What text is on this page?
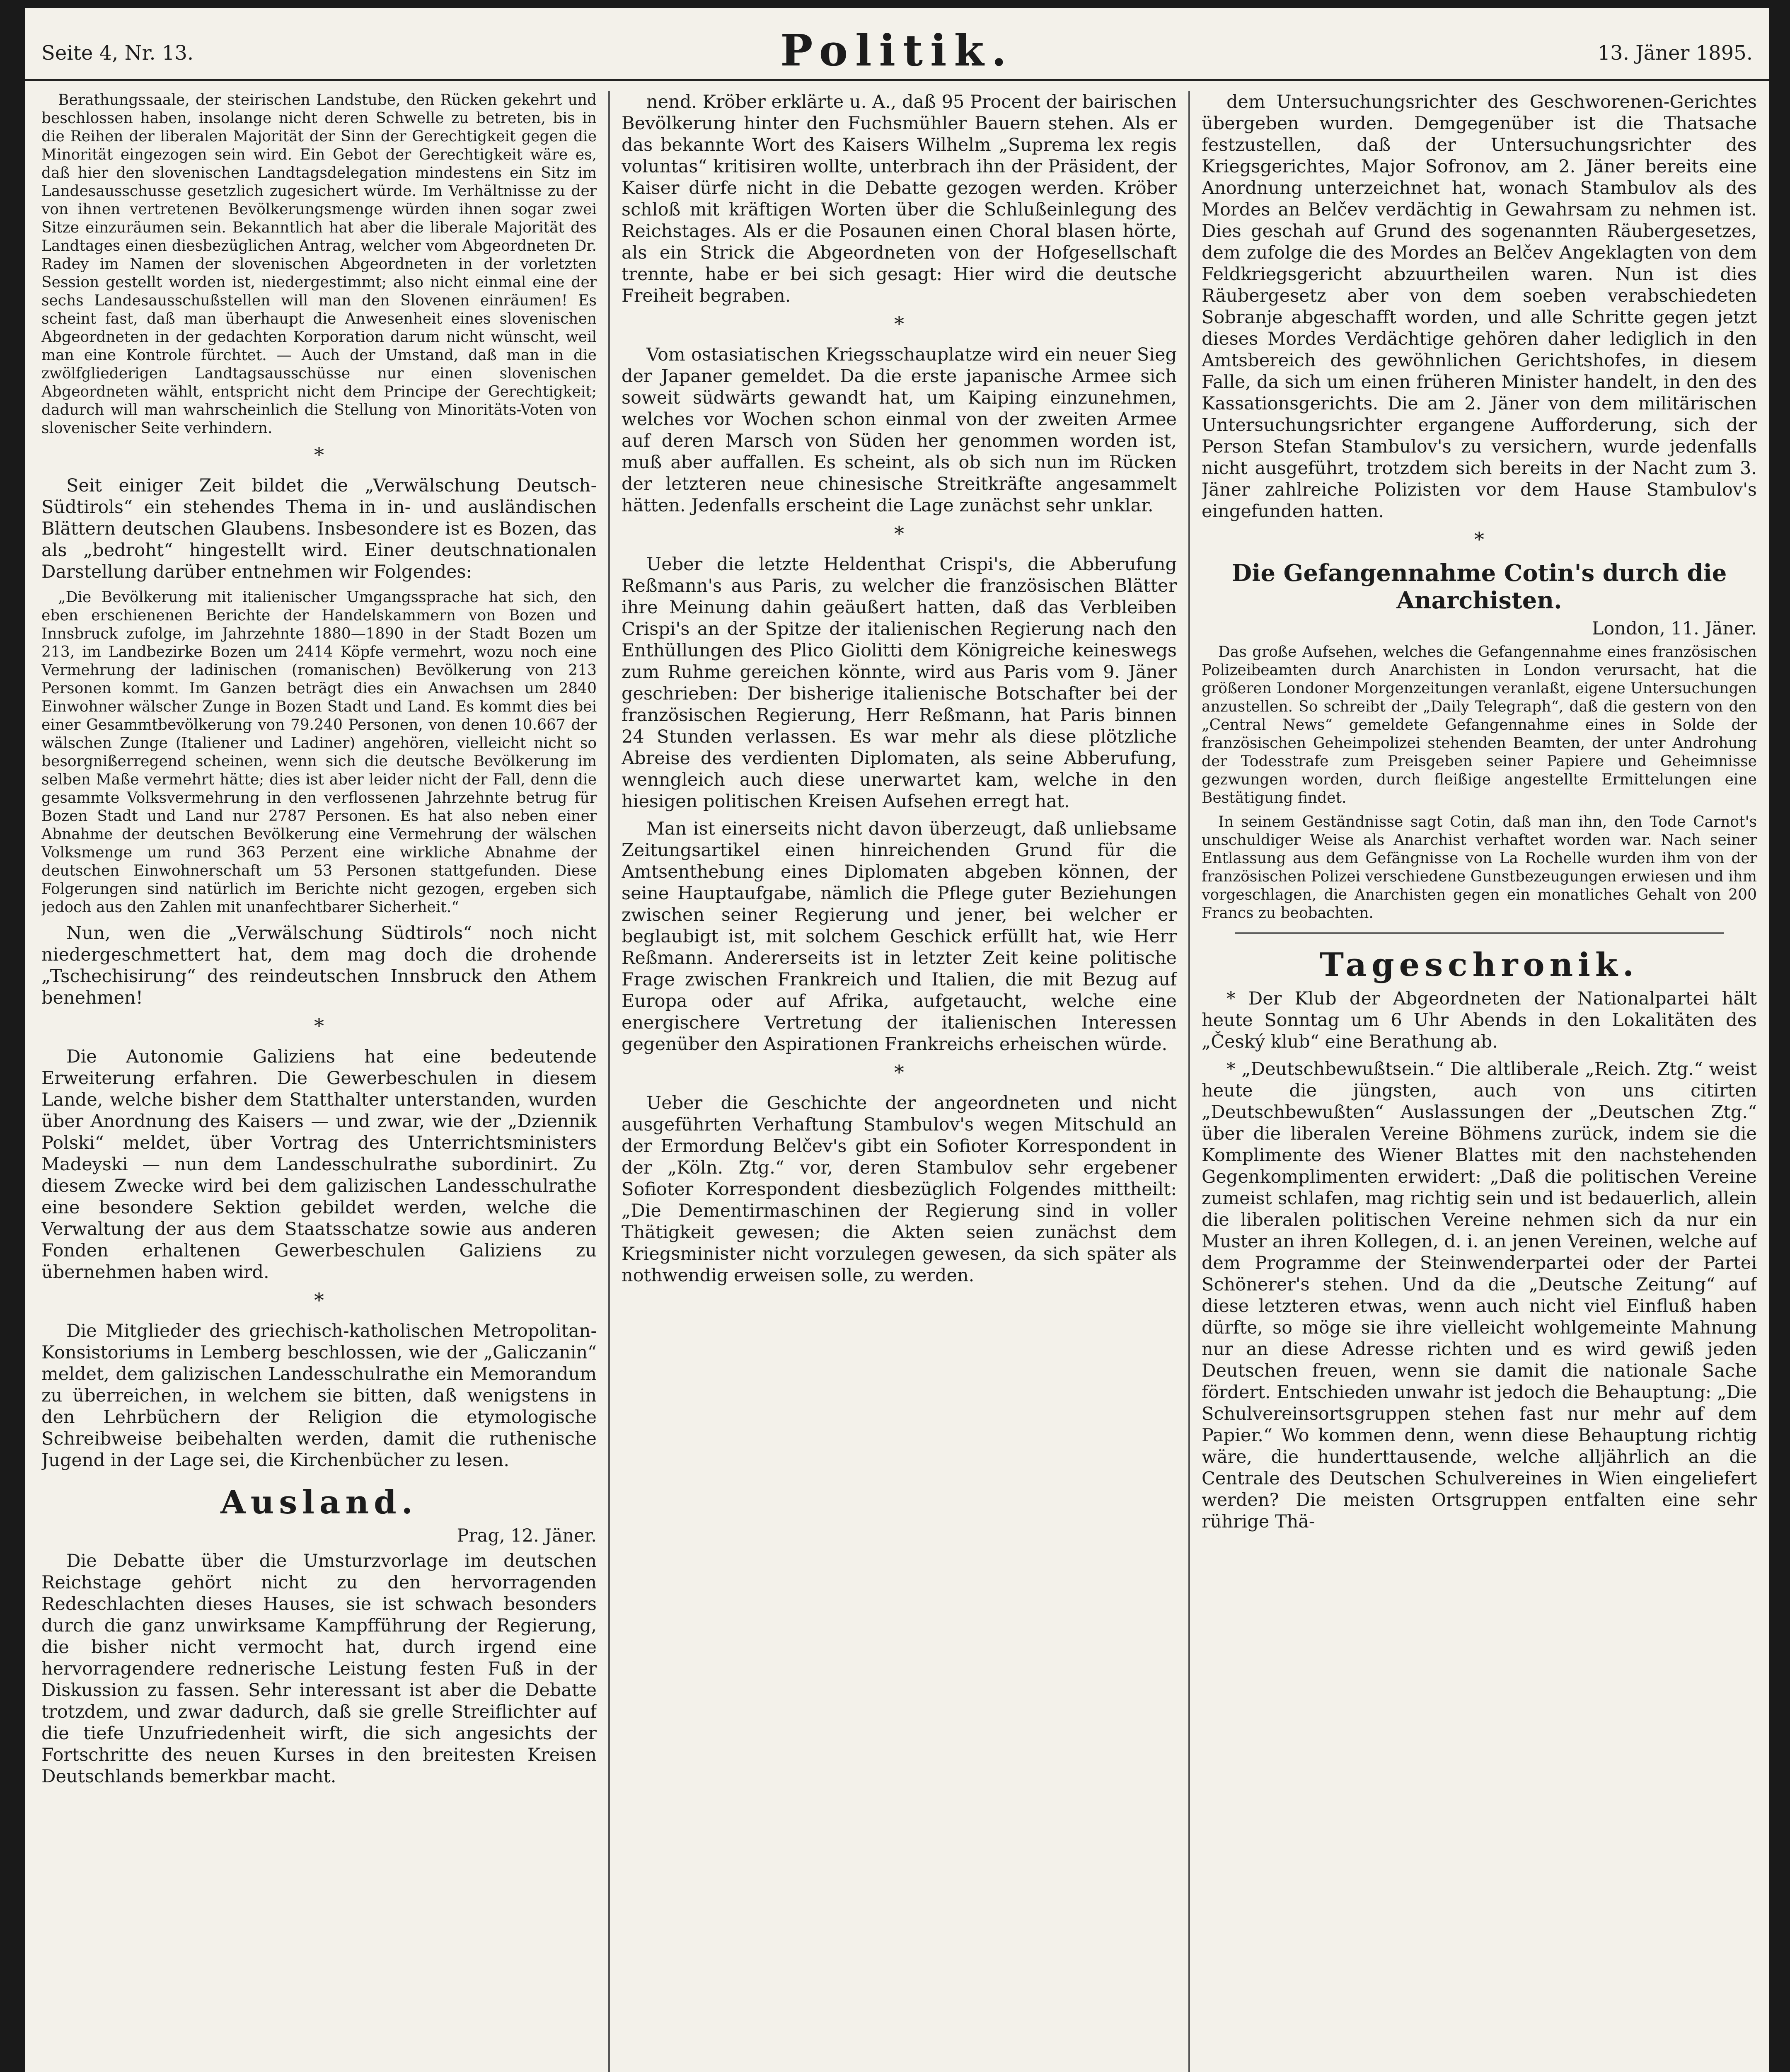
Seite 4, Nr. 13.	Politik.	13. Jäner 1895.

Berathungssaale, der steirischen Landstube, den Rücken gekehrt und beschlossen haben, insolange nicht deren Schwelle zu betreten, bis in die Reihen der liberalen Majorität der Sinn der Gerechtigkeit gegen die Minorität eingezogen sein wird. Ein Gebot der Gerechtigkeit wäre es, daß hier den slovenischen Landtagsdelegation mindestens ein Sitz im Landesausschusse gesetzlich zugesichert würde. Im Verhältnisse zu der von ihnen vertretenen Bevölkerungsmenge würden ihnen sogar zwei Sitze einzuräumen sein. Bekanntlich hat aber die liberale Majorität des Landtages einen diesbezüglichen Antrag, welcher vom Abgeordneten Dr. Radey im Namen der slovenischen Abgeordneten in der vorletzten Session gestellt worden ist, niedergestimmt; also nicht einmal eine der sechs Landesausschußstellen will man den Slovenen einräumen! Es scheint fast, daß man überhaupt die Anwesenheit eines slovenischen Abgeordneten in der gedachten Korporation darum nicht wünscht, weil man eine Kontrole fürchtet. — Auch der Umstand, daß man in die zwölfgliederigen Landtagsausschüsse nur einen slovenischen Abgeordneten wählt, entspricht nicht dem Principe der Gerechtigkeit; dadurch will man wahrscheinlich die Stellung von Minoritäts-Voten von slovenischer Seite verhindern.

*

Seit einiger Zeit bildet die „Verwälschung Deutsch-Südtirols“ ein stehendes Thema in in- und ausländischen Blättern deutschen Glaubens. Insbesondere ist es Bozen, das als „bedroht“ hingestellt wird. Einer deutschnationalen Darstellung darüber entnehmen wir Folgendes:

„Die Bevölkerung mit italienischer Umgangssprache hat sich, den eben erschienenen Berichte der Handelskammern von Bozen und Innsbruck zufolge, im Jahrzehnte 1880—1890 in der Stadt Bozen um 213, im Landbezirke Bozen um 2414 Köpfe vermehrt, wozu noch eine Vermehrung der ladinischen (romanischen) Bevölkerung von 213 Personen kommt. Im Ganzen beträgt dies ein Anwachsen um 2840 Einwohner wälscher Zunge in Bozen Stadt und Land. Es kommt dies bei einer Gesammtbevölkerung von 79.240 Personen, von denen 10.667 der wälschen Zunge (Italiener und Ladiner) angehören, vielleicht nicht so besorgnißerregend scheinen, wenn sich die deutsche Bevölkerung im selben Maße vermehrt hätte; dies ist aber leider nicht der Fall, denn die gesammte Volksvermehrung in den verflossenen Jahrzehnte betrug für Bozen Stadt und Land nur 2787 Personen. Es hat also neben einer Abnahme der deutschen Bevölkerung eine Vermehrung der wälschen Volksmenge um rund 363 Perzent eine wirkliche Abnahme der deutschen Einwohnerschaft um 53 Personen stattgefunden. Diese Folgerungen sind natürlich im Berichte nicht gezogen, ergeben sich jedoch aus den Zahlen mit unanfechtbarer Sicherheit.“

Nun, wen die „Verwälschung Südtirols“ noch nicht niedergeschmettert hat, dem mag doch die drohende „Tschechisirung“ des reindeutschen Innsbruck den Athem benehmen!

*

Die Autonomie Galiziens hat eine bedeutende Erweiterung erfahren. Die Gewerbeschulen in diesem Lande, welche bisher dem Statthalter unterstanden, wurden über Anordnung des Kaisers — und zwar, wie der „Dziennik Polski“ meldet, über Vortrag des Unterrichtsministers Madeyski — nun dem Landesschulrathe subordinirt. Zu diesem Zwecke wird bei dem galizischen Landesschulrathe eine besondere Sektion gebildet werden, welche die Verwaltung der aus dem Staatsschatze sowie aus anderen Fonden erhaltenen Gewerbeschulen Galiziens zu übernehmen haben wird.

*

Die Mitglieder des griechisch-katholischen Metropolitan-Konsistoriums in Lemberg beschlossen, wie der „Galiczanin“ meldet, dem galizischen Landesschulrathe ein Memorandum zu überreichen, in welchem sie bitten, daß wenigstens in den Lehrbüchern der Religion die etymologische Schreibweise beibehalten werden, damit die ruthenische Jugend in der Lage sei, die Kirchenbücher zu lesen.

Ausland.
Prag, 12. Jäner.

Die Debatte über die Umsturzvorlage im deutschen Reichstage gehört nicht zu den hervorragenden Redeschlachten dieses Hauses, sie ist schwach besonders durch die ganz unwirksame Kampfführung der Regierung, die bisher nicht vermocht hat, durch irgend eine hervorragendere rednerische Leistung festen Fuß in der Diskussion zu fassen. Sehr interessant ist aber die Debatte trotzdem, und zwar dadurch, daß sie grelle Streiflichter auf die tiefe Unzufriedenheit wirft, die sich angesichts der Fortschritte des neuen Kurses in den breitesten Kreisen Deutschlands bemerkbar macht.

nend. Kröber erklärte u. A., daß 95 Procent der bairischen Bevölkerung hinter den Fuchsmühler Bauern stehen. Als er das bekannte Wort des Kaisers Wilhelm „Suprema lex regis voluntas“ kritisiren wollte, unterbrach ihn der Präsident, der Kaiser dürfe nicht in die Debatte gezogen werden. Kröber schloß mit kräftigen Worten über die Schlußeinlegung des Reichstages. Als er die Posaunen einen Choral blasen hörte, als ein Strick die Abgeordneten von der Hofgesellschaft trennte, habe er bei sich gesagt: Hier wird die deutsche Freiheit begraben.

*

Vom ostasiatischen Kriegsschauplatze wird ein neuer Sieg der Japaner gemeldet. Da die erste japanische Armee sich soweit südwärts gewandt hat, um Kaiping einzunehmen, welches vor Wochen schon einmal von der zweiten Armee auf deren Marsch von Süden her genommen worden ist, muß aber auffallen. Es scheint, als ob sich nun im Rücken der letzteren neue chinesische Streitkräfte angesammelt hätten. Jedenfalls erscheint die Lage zunächst sehr unklar.

*

Ueber die letzte Heldenthat Crispi's, die Abberufung Reßmann's aus Paris, zu welcher die französischen Blätter ihre Meinung dahin geäußert hatten, daß das Verbleiben Crispi's an der Spitze der italienischen Regierung nach den Enthüllungen des Plico Giolitti dem Königreiche keineswegs zum Ruhme gereichen könnte, wird aus Paris vom 9. Jäner geschrieben: Der bisherige italienische Botschafter bei der französischen Regierung, Herr Reßmann, hat Paris binnen 24 Stunden verlassen. Es war mehr als diese plötzliche Abreise des verdienten Diplomaten, als seine Abberufung, wenngleich auch diese unerwartet kam, welche in den hiesigen politischen Kreisen Aufsehen erregt hat.

Man ist einerseits nicht davon überzeugt, daß unliebsame Zeitungsartikel einen hinreichenden Grund für die Amtsenthebung eines Diplomaten abgeben können, der seine Hauptaufgabe, nämlich die Pflege guter Beziehungen zwischen seiner Regierung und jener, bei welcher er beglaubigt ist, mit solchem Geschick erfüllt hat, wie Herr Reßmann. Andererseits ist in letzter Zeit keine politische Frage zwischen Frankreich und Italien, die mit Bezug auf Europa oder auf Afrika, aufgetaucht, welche eine energischere Vertretung der italienischen Interessen gegenüber den Aspirationen Frankreichs erheischen würde.

*

Ueber die Geschichte der angeordneten und nicht ausgeführten Verhaftung Stambulov's wegen Mitschuld an der Ermordung Belčev's gibt ein Sofioter Korrespondent in der „Köln. Ztg.“ vor, deren Stambulov sehr ergebener Sofioter Korrespondent diesbezüglich Folgendes mittheilt: „Die Dementirmaschinen der Regierung sind in voller Thätigkeit gewesen; die Akten seien zunächst dem Kriegsminister nicht vorzulegen gewesen, da sich später als nothwendig erweisen solle, zu werden.

dem Untersuchungsrichter des Geschworenen-Gerichtes übergeben wurden. Demgegenüber ist die Thatsache festzustellen, daß der Untersuchungsrichter des Kriegsgerichtes, Major Sofronov, am 2. Jäner bereits eine Anordnung unterzeichnet hat, wonach Stambulov als des Mordes an Belčev verdächtig in Gewahrsam zu nehmen ist. Dies geschah auf Grund des sogenannten Räubergesetzes, dem zufolge die des Mordes an Belčev Angeklagten von dem Feldkriegsgericht abzuurtheilen waren. Nun ist dies Räubergesetz aber von dem soeben verabschiedeten Sobranje abgeschafft worden, und alle Schritte gegen jetzt dieses Mordes Verdächtige gehören daher lediglich in den Amtsbereich des gewöhnlichen Gerichtshofes, in diesem Falle, da sich um einen früheren Minister handelt, in den des Kassationsgerichts. Die am 2. Jäner von dem militärischen Untersuchungsrichter ergangene Aufforderung, sich der Person Stefan Stambulov's zu versichern, wurde jedenfalls nicht ausgeführt, trotzdem sich bereits in der Nacht zum 3. Jäner zahlreiche Polizisten vor dem Hause Stambulov's eingefunden hatten.

*
Die Gefangennahme Cotin's durch die Anarchisten.
London, 11. Jäner.

Das große Aufsehen, welches die Gefangennahme eines französischen Polizeibeamten durch Anarchisten in London verursacht, hat die größeren Londoner Morgenzeitungen veranlaßt, eigene Untersuchungen anzustellen. So schreibt der „Daily Telegraph“, daß die gestern von den „Central News“ gemeldete Gefangennahme eines in Solde der französischen Geheimpolizei stehenden Beamten, der unter Androhung der Todesstrafe zum Preisgeben seiner Papiere und Geheimnisse gezwungen worden, durch fleißige angestellte Ermittelungen eine Bestätigung findet.

In seinem Geständnisse sagt Cotin, daß man ihn, den Tode Carnot's unschuldiger Weise als Anarchist verhaftet worden war. Nach seiner Entlassung aus dem Gefängnisse von La Rochelle wurden ihm von der französischen Polizei verschiedene Gunstbezeugungen erwiesen und ihm vorgeschlagen, die Anarchisten gegen ein monatliches Gehalt von 200 Francs zu beobachten.

Tageschronik.

* Der Klub der Abgeordneten der Nationalpartei hält heute Sonntag um 6 Uhr Abends in den Lokalitäten des „Český klub“ eine Berathung ab.

* „Deutschbewußtsein.“ Die altliberale „Reich. Ztg.“ weist heute die jüngsten, auch von uns citirten „Deutschbewußten“ Auslassungen der „Deutschen Ztg.“ über die liberalen Vereine Böhmens zurück, indem sie die Komplimente des Wiener Blattes mit den nachstehenden Gegenkomplimenten erwidert: „Daß die politischen Vereine zumeist schlafen, mag richtig sein und ist bedauerlich, allein die liberalen politischen Vereine nehmen sich da nur ein Muster an ihren Kollegen, d. i. an jenen Vereinen, welche auf dem Programme der Steinwenderpartei oder der Partei Schönerer's stehen. Und da die „Deutsche Zeitung“ auf diese letzteren etwas, wenn auch nicht viel Einfluß haben dürfte, so möge sie ihre vielleicht wohlgemeinte Mahnung nur an diese Adresse richten und es wird gewiß jeden Deutschen freuen, wenn sie damit die nationale Sache fördert. Entschieden unwahr ist jedoch die Behauptung: „Die Schulvereinsortsgruppen stehen fast nur mehr auf dem Papier.“ Wo kommen denn, wenn diese Behauptung richtig wäre, die hunderttausende, welche alljährlich an die Centrale des Deutschen Schulvereines in Wien eingeliefert werden? Die meisten Ortsgruppen entfalten eine sehr rührige Thä-
